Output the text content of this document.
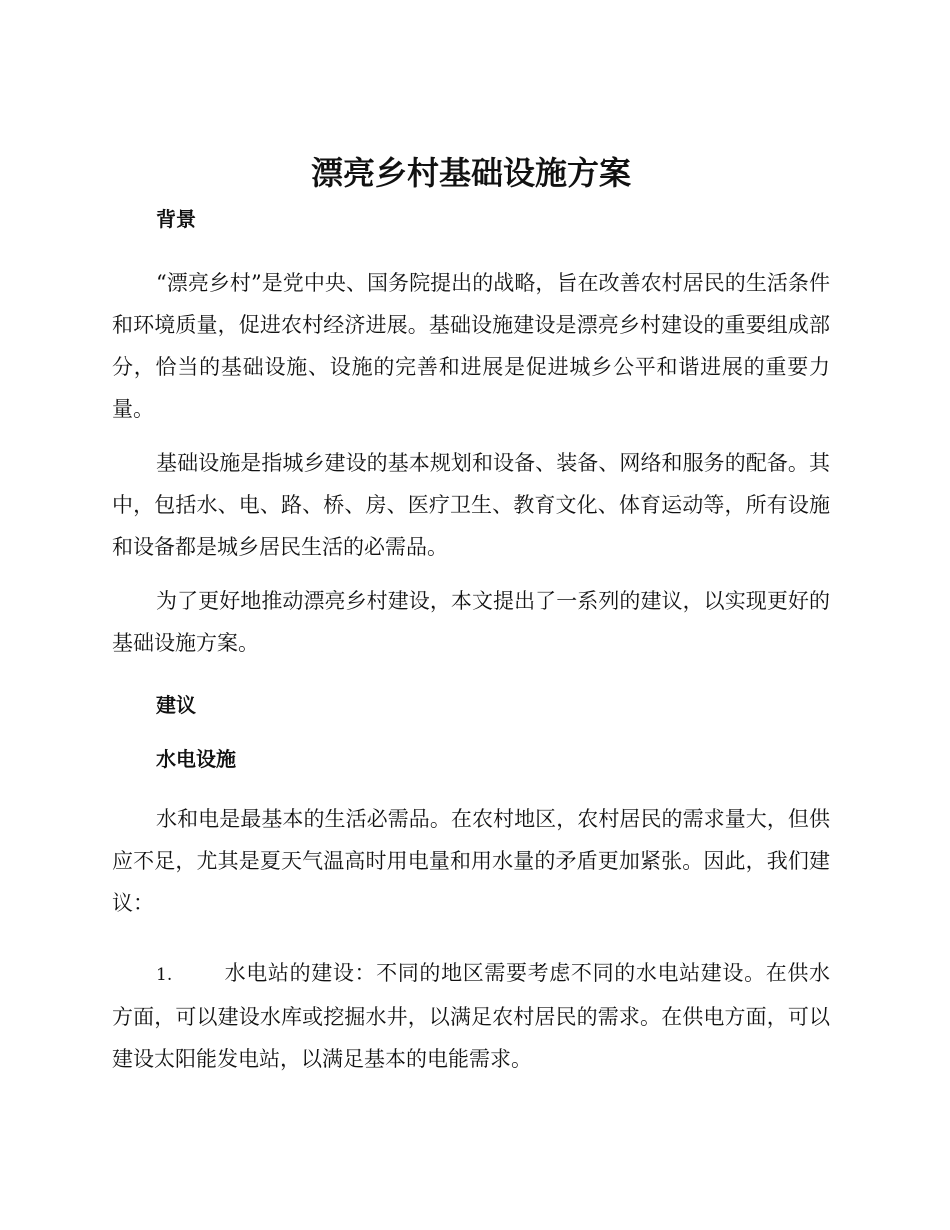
漂亮乡村基础设施方案
背景

“漂亮乡村”是党中央、国务院提出的战略，旨在改善农村居民的生活条件和环境质量，促进农村经济进展。基础设施建设是漂亮乡村建设的重要组成部分，恰当的基础设施、设施的完善和进展是促进城乡公平和谐进展的重要力量。

基础设施是指城乡建设的基本规划和设备、装备、网络和服务的配备。其中，包括水、电、路、桥、房、医疗卫生、教育文化、体育运动等，所有设施和设备都是城乡居民生活的必需品。

为了更好地推动漂亮乡村建设，本文提出了一系列的建议，以实现更好的基础设施方案。

建议
水电设施

水和电是最基本的生活必需品。在农村地区，农村居民的需求量大，但供应不足，尤其是夏天气温高时用电量和用水量的矛盾更加紧张。因此，我们建议：

1. 水电站的建设：不同的地区需要考虑不同的水电站建设。在供水方面，可以建设水库或挖掘水井，以满足农村居民的需求。在供电方面，可以建设太阳能发电站，以满足基本的电能需求。
